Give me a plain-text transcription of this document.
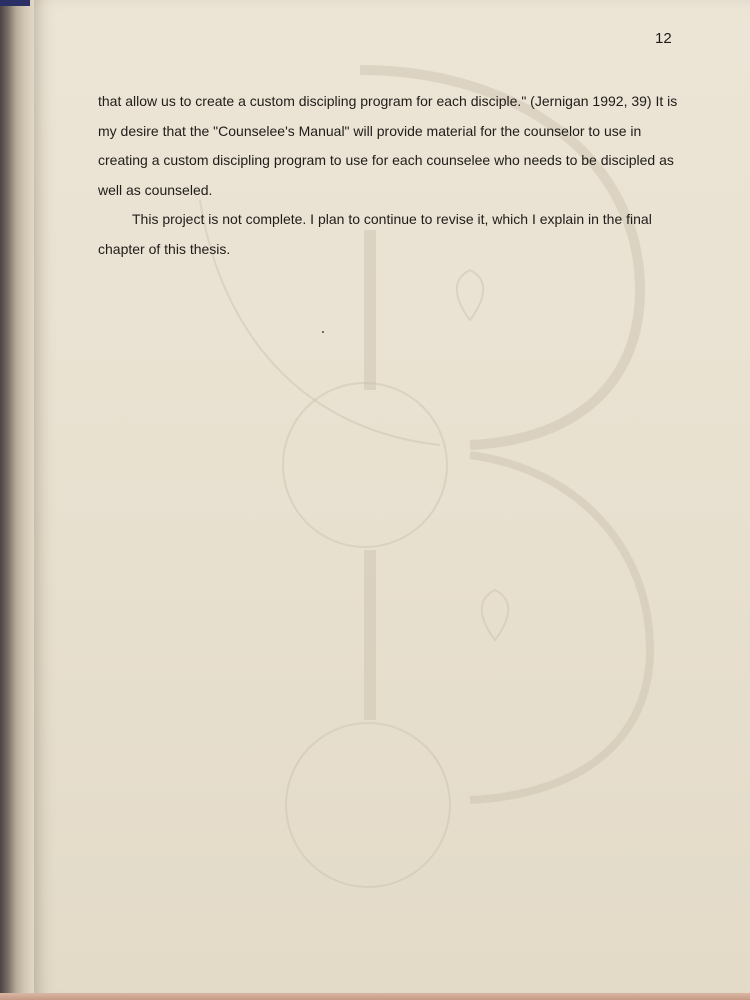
12

that allow us to create a custom discipling program for each disciple." (Jernigan 1992, 39) It is my desire that the "Counselee's Manual" will provide material for the counselor to use in creating a custom discipling program to use for each counselee who needs to be discipled as well as counseled.

This project is not complete. I plan to continue to revise it, which I explain in the final chapter of this thesis.
